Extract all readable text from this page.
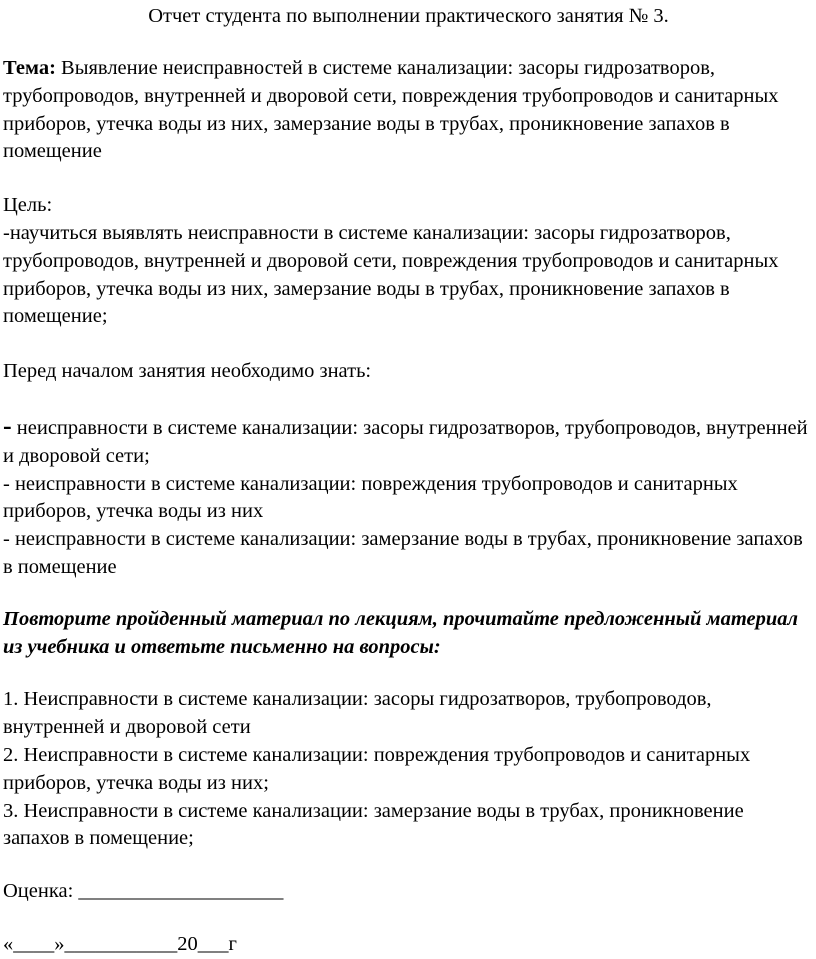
Отчет студента по выполнении практического занятия № 3.

Тема: Выявление неисправностей в системе канализации: засоры гидрозатворов, трубопроводов, внутренней и дворовой сети, повреждения трубопроводов и санитарных приборов, утечка воды из них, замерзание воды в трубах, проникновение запахов в помещение

Цель:

-научиться выявлять неисправности в системе канализации: засоры гидрозатворов, трубопроводов, внутренней и дворовой сети, повреждения трубопроводов и санитарных приборов, утечка воды из них, замерзание воды в трубах, проникновение запахов в помещение;

Перед началом занятия необходимо знать:

- неисправности в системе канализации: засоры гидрозатворов, трубопроводов, внутренней и дворовой сети;

- неисправности в системе канализации: повреждения трубопроводов и санитарных приборов, утечка воды из них

- неисправности в системе канализации: замерзание воды в трубах, проникновение запахов в помещение

Повторите пройденный материал по лекциям, прочитайте предложенный материал из учебника и ответьте письменно на вопросы:

1. Неисправности в системе канализации: засоры гидрозатворов, трубопроводов, внутренней и дворовой сети

2. Неисправности в системе канализации: повреждения трубопроводов и санитарных приборов, утечка воды из них;

3. Неисправности в системе канализации: замерзание воды в трубах, проникновение запахов в помещение;

Оценка: ____________________

«____»___________20___г
